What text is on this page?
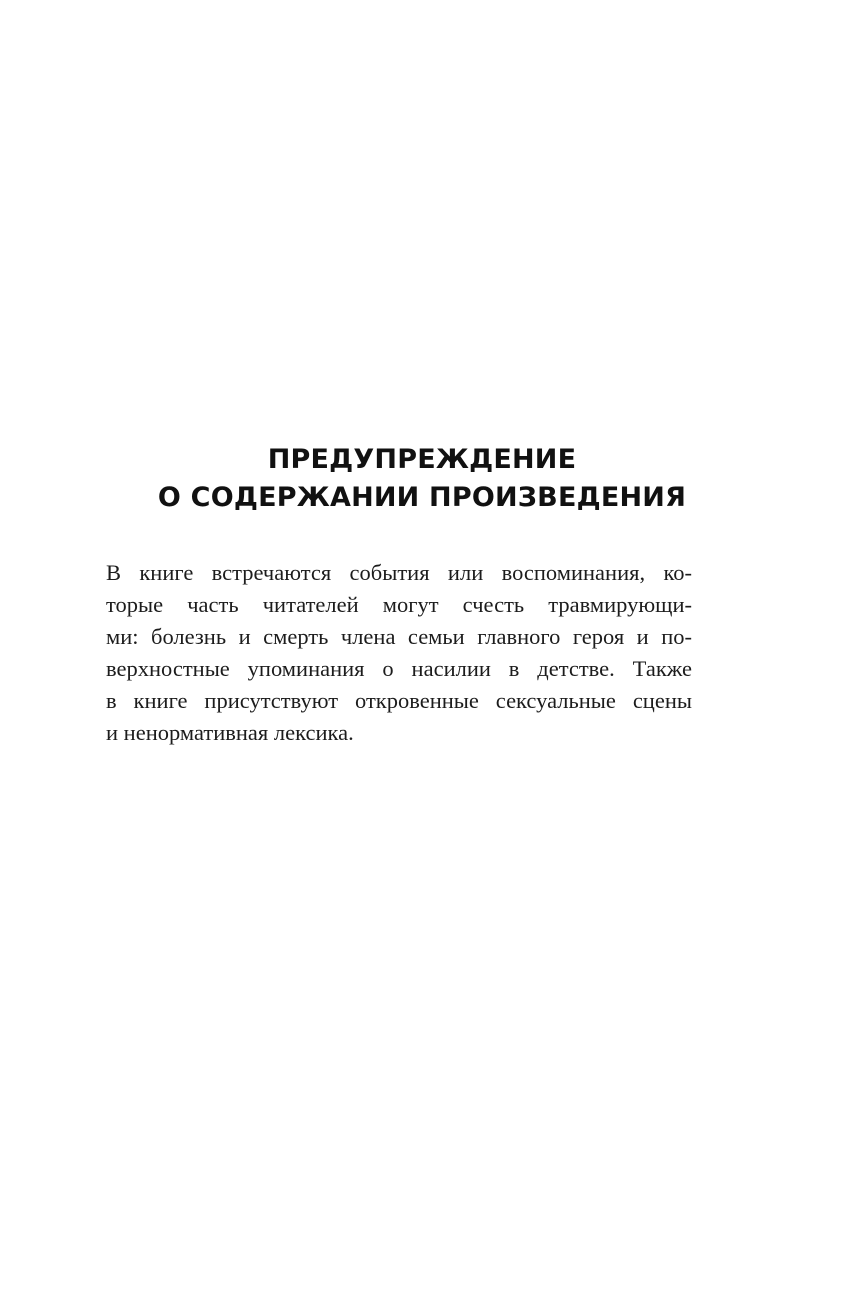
ПРЕДУПРЕЖДЕНИЕ
О СОДЕРЖАНИИ ПРОИЗВЕДЕНИЯ

В книге встречаются события или воспоминания, ко-

торые часть читателей могут счесть травмирующи-

ми: болезнь и смерть члена семьи главного героя и по-

верхностные упоминания о насилии в детстве. Также

в книге присутствуют откровенные сексуальные сцены

и ненормативная лексика.
